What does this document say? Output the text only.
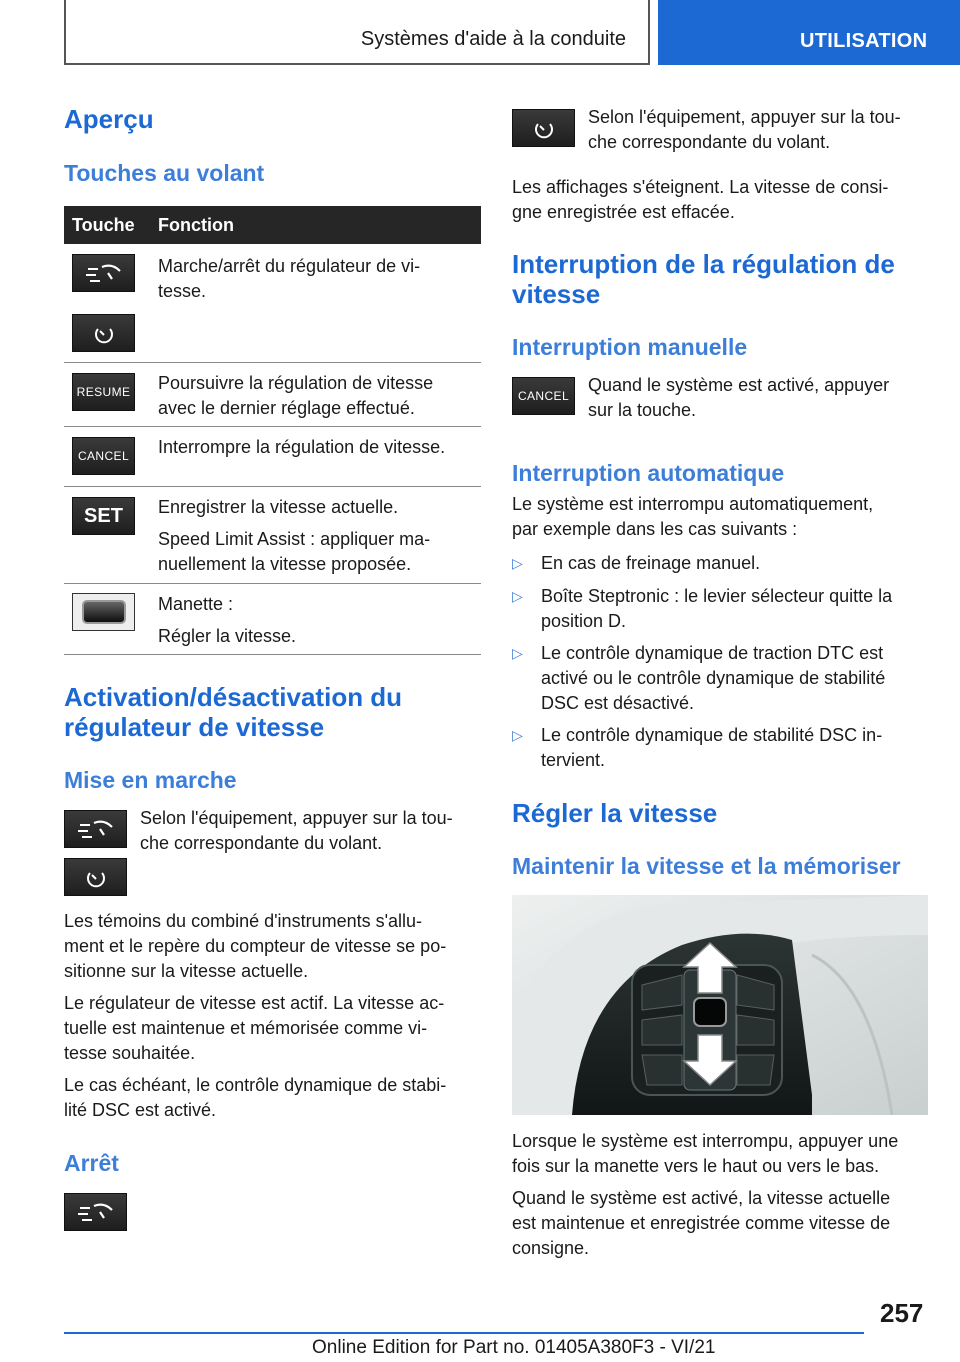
Systèmes d'aide à la conduite	UTILISATION
Aperçu
Touches au volant
Touche Fonction
Marche/arrêt du régulateur de vi-
tesse.
RESUME Poursuivre la régulation de vitesse
avec le dernier réglage effectué.
CANCEL Interrompre la régulation de vitesse.
SET Enregistrer la vitesse actuelle.
Speed Limit Assist : appliquer ma-
nuellement la vitesse proposée.
Manette :
Régler la vitesse.
Activation/désactivation du
régulateur de vitesse
Mise en marche
Selon l'équipement, appuyer sur la tou-
che correspondante du volant.
Les témoins du combiné d'instruments s'allu-
ment et le repère du compteur de vitesse se po-
sitionne sur la vitesse actuelle.
Le régulateur de vitesse est actif. La vitesse ac-
tuelle est maintenue et mémorisée comme vi-
tesse souhaitée.
Le cas échéant, le contrôle dynamique de stabi-
lité DSC est activé.
Arrêt
Selon l'équipement, appuyer sur la tou-
che correspondante du volant.
Les affichages s'éteignent. La vitesse de consi-
gne enregistrée est effacée.
Interruption de la régulation de
vitesse
Interruption manuelle
CANCEL
Quand le système est activé, appuyer
sur la touche.
Interruption automatique
Le système est interrompu automatiquement,
par exemple dans les cas suivants :
▷ En cas de freinage manuel.
▷ Boîte Steptronic : le levier sélecteur quitte la
position D.
▷ Le contrôle dynamique de traction DTC est
activé ou le contrôle dynamique de stabilité
DSC est désactivé.
▷ Le contrôle dynamique de stabilité DSC in-
tervient.
Régler la vitesse
Maintenir la vitesse et la mémoriser
Lorsque le système est interrompu, appuyer une
fois sur la manette vers le haut ou vers le bas.
Quand le système est activé, la vitesse actuelle
est maintenue et enregistrée comme vitesse de
consigne.
257
Online Edition for Part no. 01405A380F3 - VI/21
